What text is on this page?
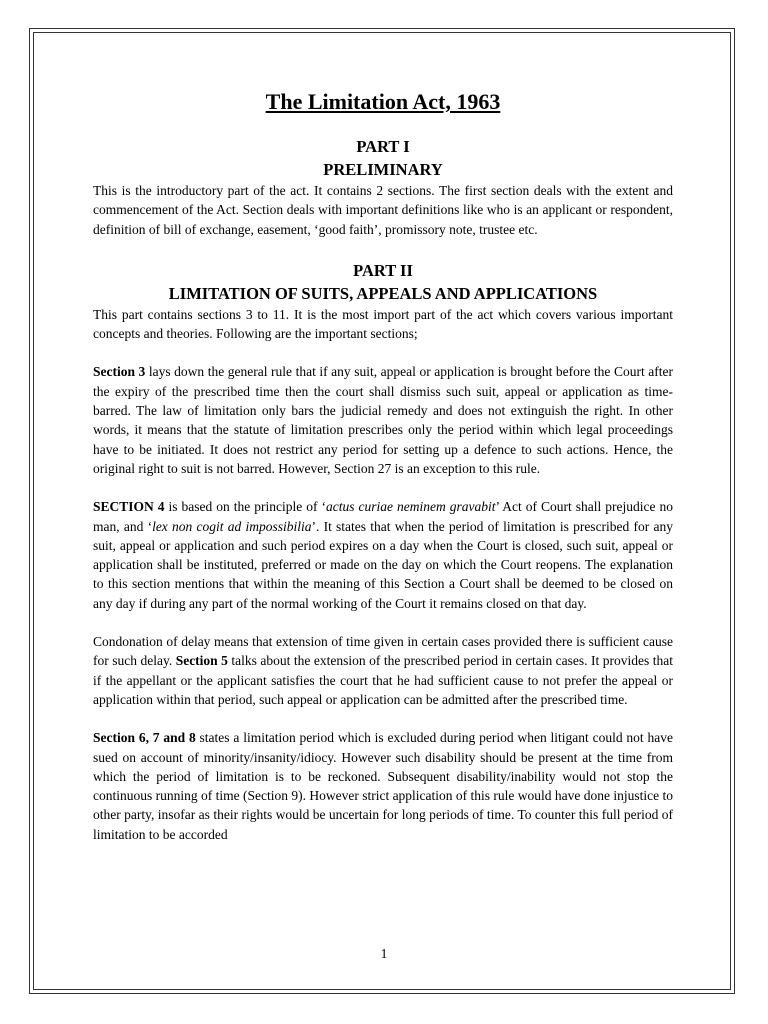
The Limitation Act, 1963
PART I
PRELIMINARY

This is the introductory part of the act. It contains 2 sections. The first section deals with the extent and commencement of the Act. Section deals with important definitions like who is an applicant or respondent, definition of bill of exchange, easement, ‘good faith’, promissory note, trustee etc.

PART II
LIMITATION OF SUITS, APPEALS AND APPLICATIONS

This part contains sections 3 to 11. It is the most import part of the act which covers various important concepts and theories. Following are the important sections;

Section 3 lays down the general rule that if any suit, appeal or application is brought before the Court after the expiry of the prescribed time then the court shall dismiss such suit, appeal or application as time-barred. The law of limitation only bars the judicial remedy and does not extinguish the right. In other words, it means that the statute of limitation prescribes only the period within which legal proceedings have to be initiated. It does not restrict any period for setting up a defence to such actions. Hence, the original right to suit is not barred. However, Section 27 is an exception to this rule.

SECTION 4 is based on the principle of ‘actus curiae neminem gravabit’ Act of Court shall prejudice no man, and ‘lex non cogit ad impossibilia’. It states that when the period of limitation is prescribed for any suit, appeal or application and such period expires on a day when the Court is closed, such suit, appeal or application shall be instituted, preferred or made on the day on which the Court reopens. The explanation to this section mentions that within the meaning of this Section a Court shall be deemed to be closed on any day if during any part of the normal working of the Court it remains closed on that day.

Condonation of delay means that extension of time given in certain cases provided there is sufficient cause for such delay. Section 5 talks about the extension of the prescribed period in certain cases. It provides that if the appellant or the applicant satisfies the court that he had sufficient cause to not prefer the appeal or application within that period, such appeal or application can be admitted after the prescribed time.

Section 6, 7 and 8 states a limitation period which is excluded during period when litigant could not have sued on account of minority/insanity/idiocy. However such disability should be present at the time from which the period of limitation is to be reckoned. Subsequent disability/inability would not stop the continuous running of time (Section 9). However strict application of this rule would have done injustice to other party, insofar as their rights would be uncertain for long periods of time. To counter this full period of limitation to be accorded

1
